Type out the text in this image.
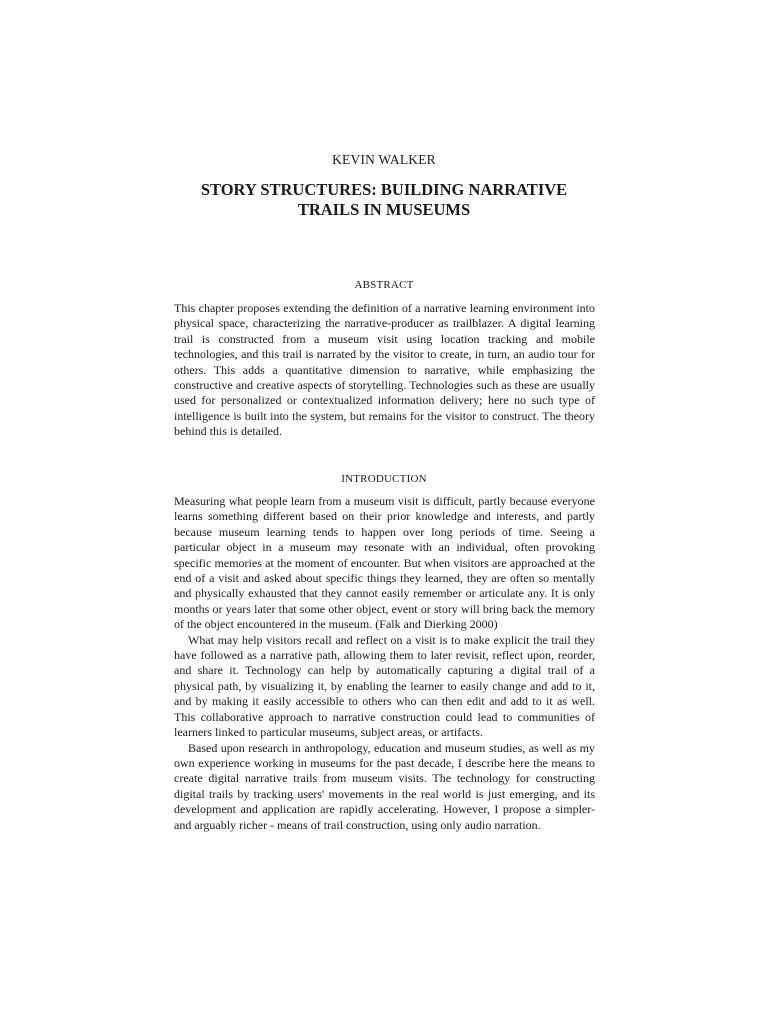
KEVIN WALKER
STORY STRUCTURES: BUILDING NARRATIVE
TRAILS IN MUSEUMS
ABSTRACT

This chapter proposes extending the definition of a narrative learning environment into physical space, characterizing the narrative-producer as trailblazer. A digital learning trail is constructed from a museum visit using location tracking and mobile technologies, and this trail is narrated by the visitor to create, in turn, an audio tour for others. This adds a quantitative dimension to narrative, while emphasizing the constructive and creative aspects of storytelling. Technologies such as these are usually used for personalized or contextualized information delivery; here no such type of intelligence is built into the system, but remains for the visitor to construct. The theory behind this is detailed.

INTRODUCTION

Measuring what people learn from a museum visit is difficult, partly because everyone learns something different based on their prior knowledge and interests, and partly because museum learning tends to happen over long periods of time. Seeing a particular object in a museum may resonate with an individual, often provoking specific memories at the moment of encounter. But when visitors are approached at the end of a visit and asked about specific things they learned, they are often so mentally and physically exhausted that they cannot easily remember or articulate any. It is only months or years later that some other object, event or story will bring back the memory of the object encountered in the museum. (Falk and Dierking 2000)

What may help visitors recall and reflect on a visit is to make explicit the trail they have followed as a narrative path, allowing them to later revisit, reflect upon, reorder, and share it. Technology can help by automatically capturing a digital trail of a physical path, by visualizing it, by enabling the learner to easily change and add to it, and by making it easily accessible to others who can then edit and add to it as well. This collaborative approach to narrative construction could lead to communities of learners linked to particular museums, subject areas, or artifacts.

Based upon research in anthropology, education and museum studies, as well as my own experience working in museums for the past decade, I describe here the means to create digital narrative trails from museum visits. The technology for constructing digital trails by tracking users' movements in the real world is just emerging, and its development and application are rapidly accelerating. However, I propose a simpler- and arguably richer - means of trail construction, using only audio narration.
